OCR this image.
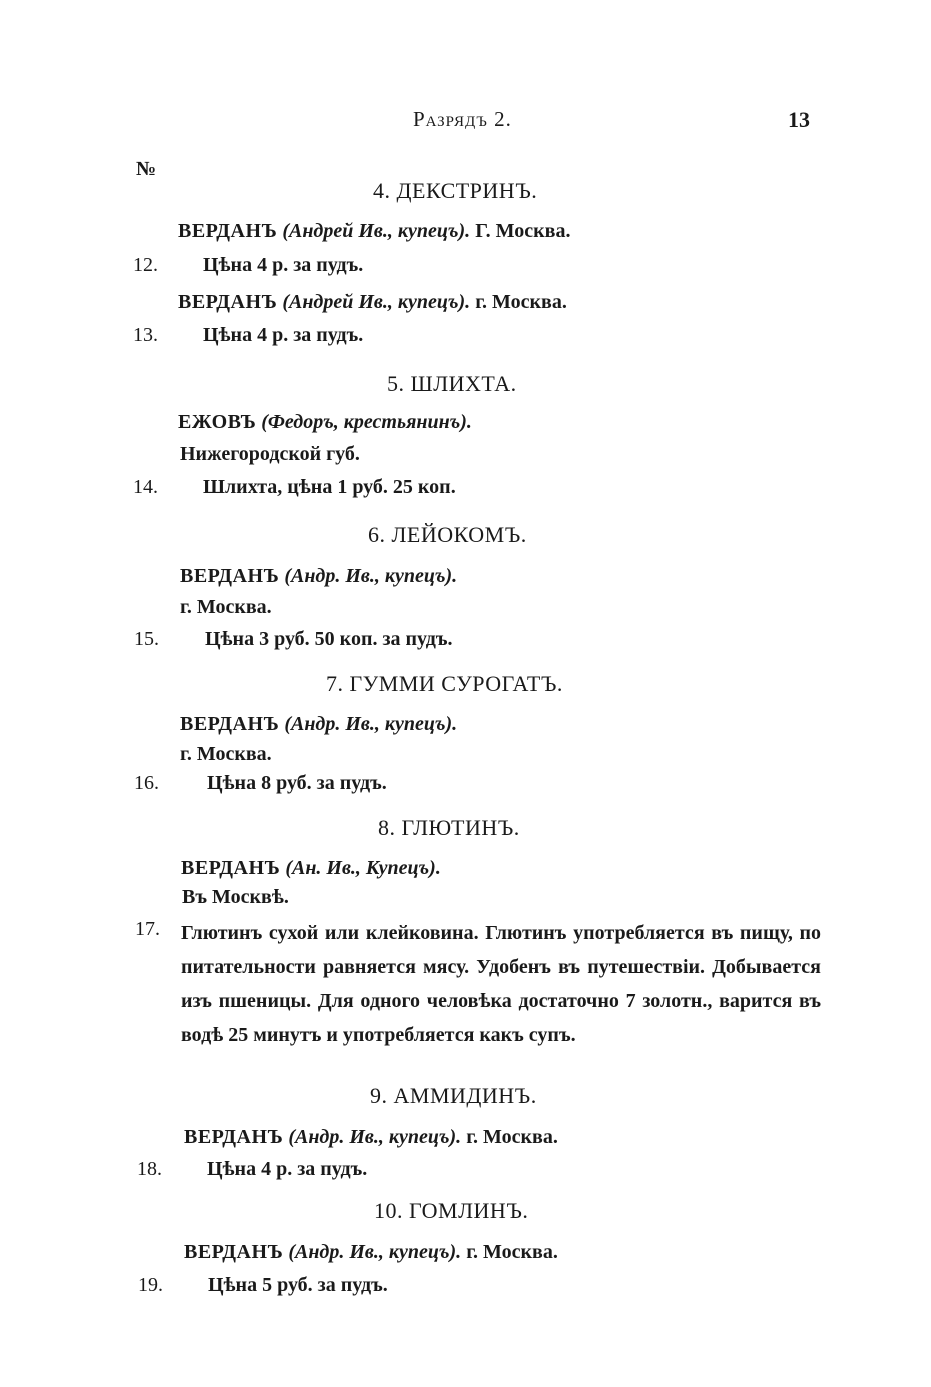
Разрядъ 2.	13
№
4. ДЕКСТРИНЪ.
ВЕРДАНЪ (Андрей Ив., купецъ). Г. Москва.
12. Цѣна 4 р. за пудъ.
ВЕРДАНЪ (Андрей Ив., купецъ). г. Москва.
13. Цѣна 4 р. за пудъ.
5. ШЛИХТА.
ЕЖОВЪ (Федоръ, крестьянинъ).
Нижегородской губ.
14. Шлихта, цѣна 1 руб. 25 коп.
6. ЛЕЙОКОМЪ.
ВЕРДАНЪ (Андр. Ив., купецъ).
г. Москва.
15. Цѣна 3 руб. 50 коп. за пудъ.
7. ГУММИ СУРОГАТЪ.
ВЕРДАНЪ (Андр. Ив., купецъ).
г. Москва.
16. Цѣна 8 руб. за пудъ.
8. ГЛЮТИНЪ.
ВЕРДАНЪ (Ан. Ив., Купецъ).
Въ Москвѣ.
17. Глютинъ сухой или клейковина. Глютинъ употребляется въ пищу, по питательности равняется мясу. Удобенъ въ путешествіи. Добывается изъ пшеницы. Для одного человѣка достаточно 7 золотн., варится въ водѣ 25 минутъ и употребляется какъ супъ.
9. АММИДИНЪ.
ВЕРДАНЪ (Андр. Ив., купецъ). г. Москва.
18. Цѣна 4 р. за пудъ.
10. ГОМЛИНЪ.
ВЕРДАНЪ (Андр. Ив., купецъ). г. Москва.
19. Цѣна 5 руб. за пудъ.
